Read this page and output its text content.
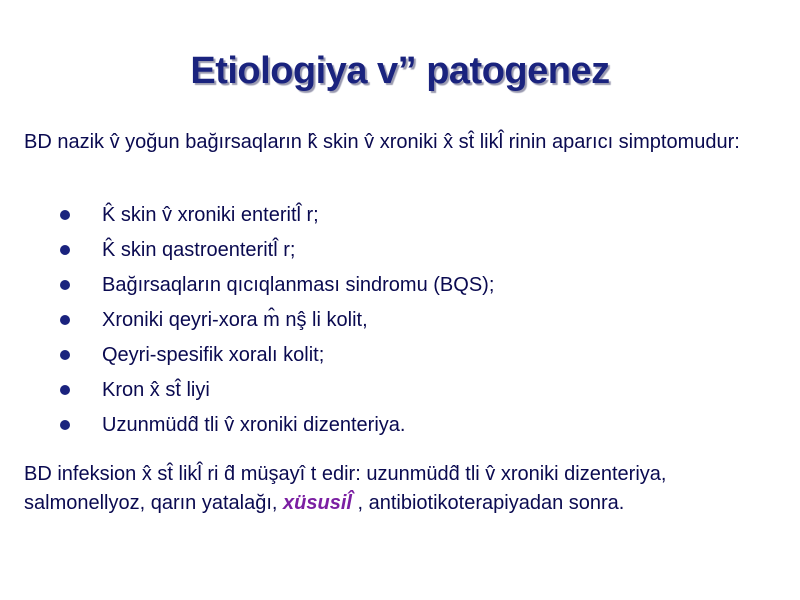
Etiologiya v” patogenez
BD nazik v̂ yoğun bağırsaqların k̂ skin v̂ xroniki x̂ st̂ likl̂ rinin aparıcı simptomudur:
K̂ skin v̂ xroniki enteritl̂ r;
K̂ skin qastroenteritl̂ r;
Bağırsaqların qıcıqlanması sindromu (BQS);
Xroniki qeyri-xora m̂ nş̂ li kolit,
Qeyri-spesifik xoralı kolit;
Kron x̂ st̂ liyi
Uzunmüdd̂ tli v̂ xroniki dizenteriya.
BD infeksion x̂ st̂ likl̂ ri d̂ müşayî t edir: uzunmüdd̂ tli v̂ xroniki dizenteriya, salmonellyoz, qarın yatalağı, xüsusil̂ , antibiotikoterapiyadan sonra.
